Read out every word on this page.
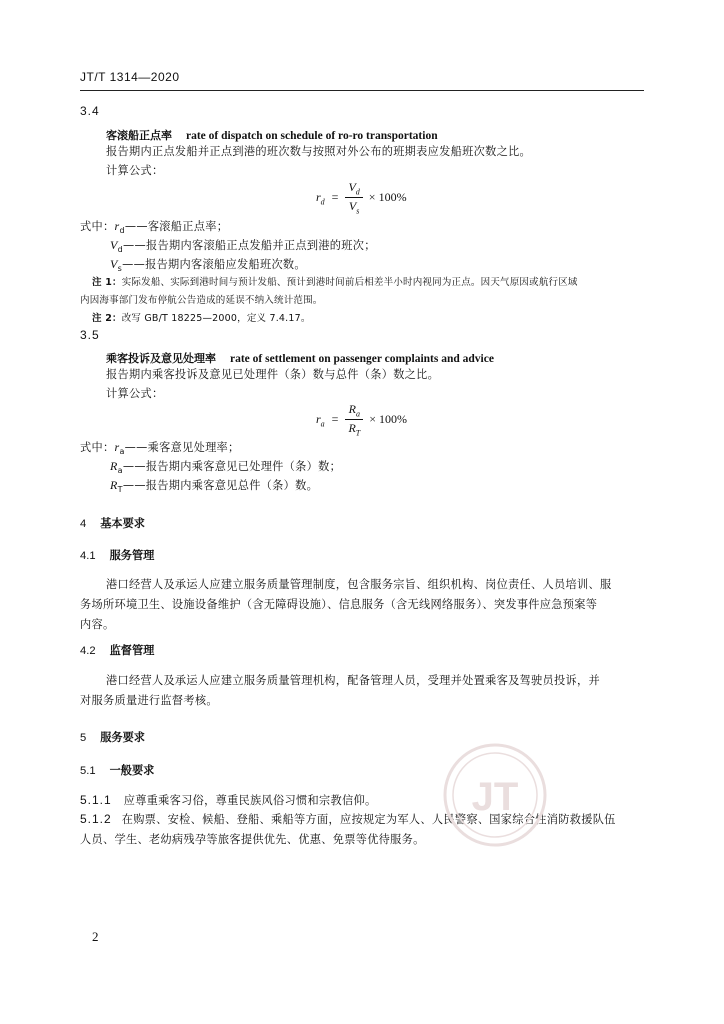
JT/T 1314—2020
3.4
客滚船正点率 rate of dispatch on schedule of ro-ro transportation
报告期内正点发船并正点到港的班次数与按照对外公布的班期表应发船班次数之比。
计算公式：
$r_d = \frac{V_d}{V_s} \times 100\%$
式中：$r_d——$客滚船正点率；
$V_d——$报告期内客滚船正点发船并正点到港的班次；
$V_s——$报告期内客滚船应发船班次数。
注 1：实际发船、实际到港时间与预计发船、预计到港时间前后相差半小时内视同为正点。因天气原因或航行区域
内因海事部门发布停航公告造成的延误不纳入统计范围。
注 2：改写 GB/T 18225—2000，定义 7.4.17。
3.5
乘客投诉及意见处理率 rate of settlement on passenger complaints and advice
报告期内乘客投诉及意见已处理件（条）数与总件（条）数之比。
计算公式：
$r_a = \frac{R_a}{R_T} \times 100\%$
式中：$r_a——$乘客意见处理率；
$R_a——$报告期内乘客意见已处理件（条）数；
$R_T——$报告期内乘客意见总件（条）数。
4 基本要求
4.1 服务管理
港口经营人及承运人应建立服务质量管理制度，包含服务宗旨、组织机构、岗位责任、人员培训、服
务场所环境卫生、设施设备维护（含无障碍设施）、信息服务（含无线网络服务）、突发事件应急预案等
内容。
4.2 监督管理
港口经营人及承运人应建立服务质量管理机构，配备管理人员，受理并处置乘客及驾驶员投诉，并
对服务质量进行监督考核。
5 服务要求
5.1 一般要求
5.1.1 应尊重乘客习俗，尊重民族风俗习惯和宗教信仰。
5.1.2 在购票、安检、候船、登船、乘船等方面，应按规定为军人、人民警察、国家综合性消防救援队伍
人员、学生、老幼病残孕等旅客提供优先、优惠、免票等优待服务。
JT
2
